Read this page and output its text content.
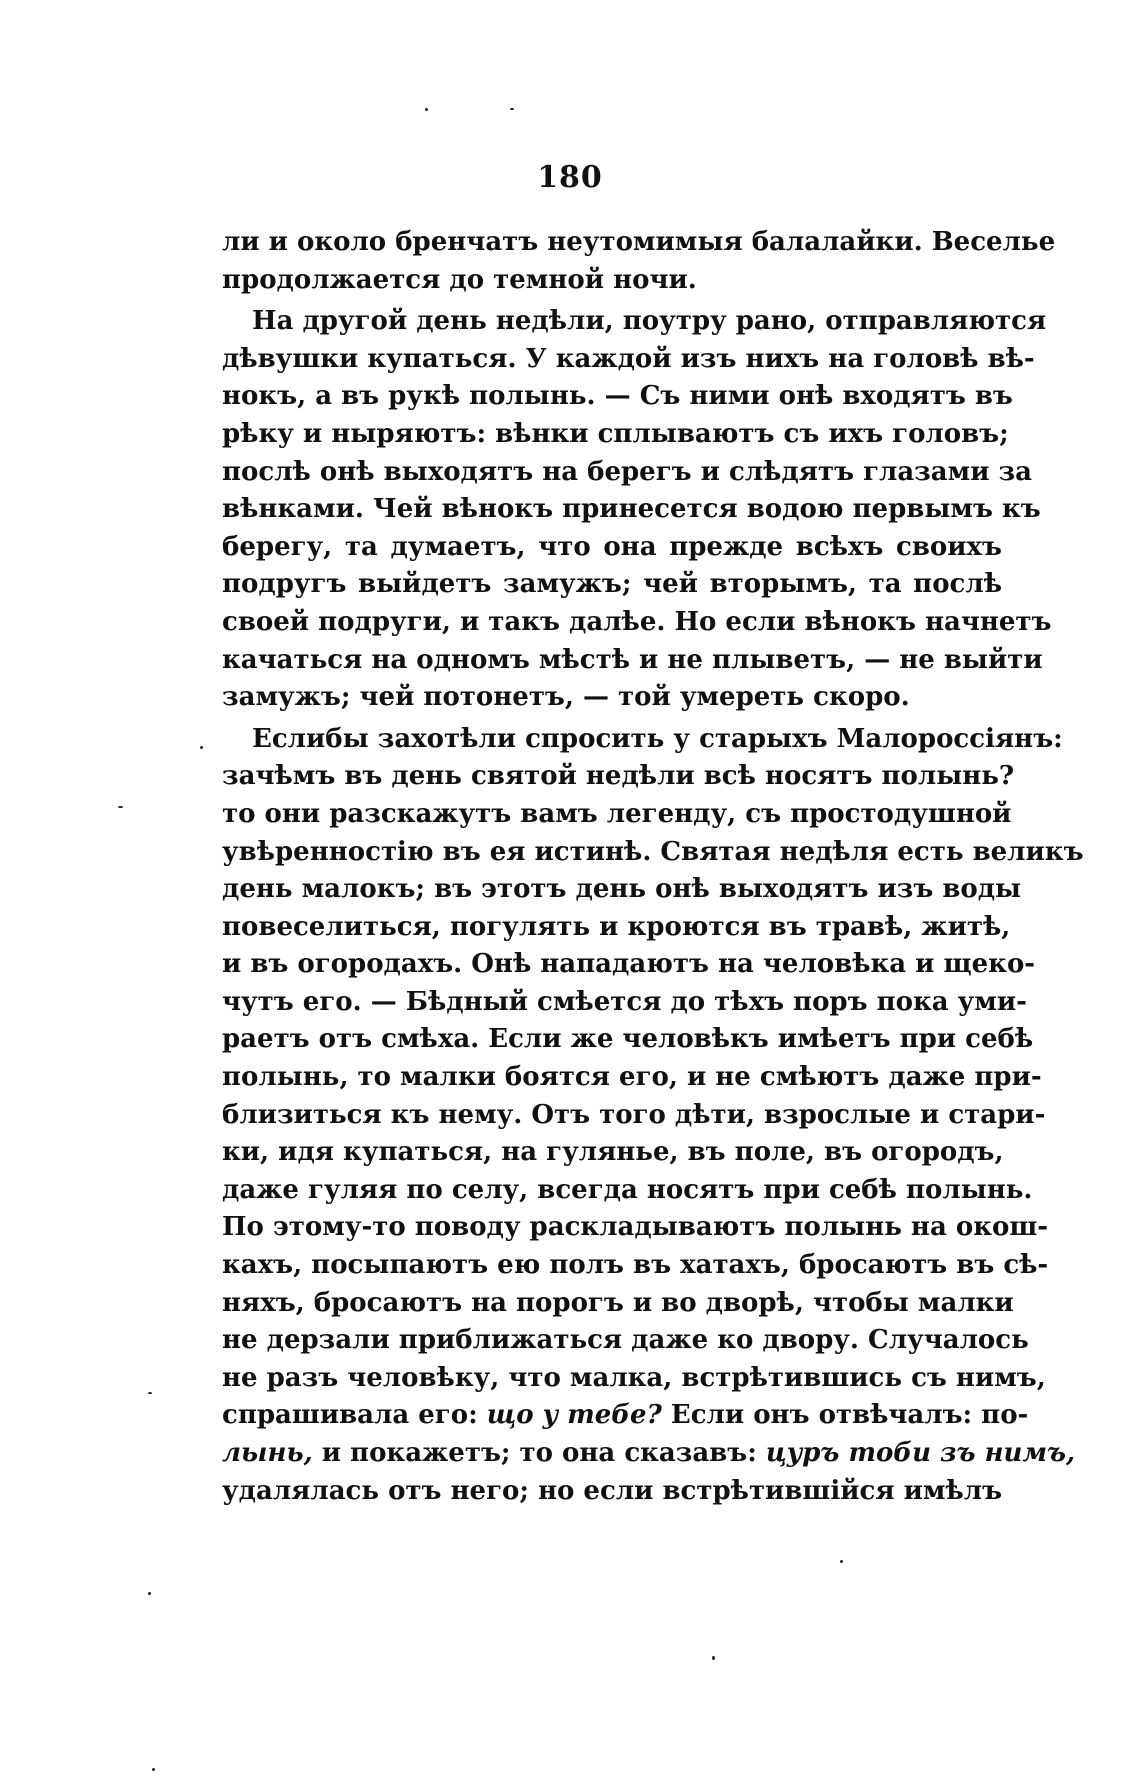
180
ли и около бренчатъ неутомимыя балалайки. Веселье
продолжается до темной ночи.
На другой день недѣли, поутру рано, отправляются
дѣвушки купаться. У каждой изъ нихъ на головѣ вѣ-
нокъ, а въ рукѣ полынь. — Съ ними онѣ входятъ въ
рѣку и ныряютъ: вѣнки сплываютъ съ ихъ головъ;
послѣ онѣ выходятъ на берегъ и слѣдятъ глазами за
вѣнками. Чей вѣнокъ принесется водою первымъ къ
берегу, та думаетъ, что она прежде всѣхъ своихъ
подругъ выйдетъ замужъ; чей вторымъ, та послѣ
своей подруги, и такъ далѣе. Но если вѣнокъ начнетъ
качаться на одномъ мѣстѣ и не плыветъ, — не выйти
замужъ; чей потонетъ, — той умереть скоро.
Еслибы захотѣли спросить у старыхъ Малороссіянъ:
зачѣмъ въ день святой недѣли всѣ носятъ полынь?
то они разскажутъ вамъ легенду, съ простодушной
увѣренностію въ ея истинѣ. Святая недѣля есть великъ
день малокъ; въ этотъ день онѣ выходятъ изъ воды
повеселиться, погулять и кроются въ травѣ, житѣ,
и въ огородахъ. Онѣ нападаютъ на человѣка и щеко-
чутъ его. — Бѣдный смѣется до тѣхъ поръ пока уми-
раетъ отъ смѣха. Если же человѣкъ имѣетъ при себѣ
полынь, то малки боятся его, и не смѣютъ даже при-
близиться къ нему. Отъ того дѣти, взрослые и стари-
ки, идя купаться, на гулянье, въ поле, въ огородъ,
даже гуляя по селу, всегда носятъ при себѣ полынь.
По этому-то поводу раскладываютъ полынь на окош-
кахъ, посыпаютъ ею полъ въ хатахъ, бросаютъ въ сѣ-
няхъ, бросаютъ на порогъ и во дворѣ, чтобы малки
не дерзали приближаться даже ко двору. Случалось
не разъ человѣку, что малка, встрѣтившись съ нимъ,
спрашивала его: що у тебе? Если онъ отвѣчалъ: по-
лынь, и покажетъ; то она сказавъ: цуръ тоби зъ нимъ,
удалялась отъ него; но если встрѣтившійся имѣлъ
